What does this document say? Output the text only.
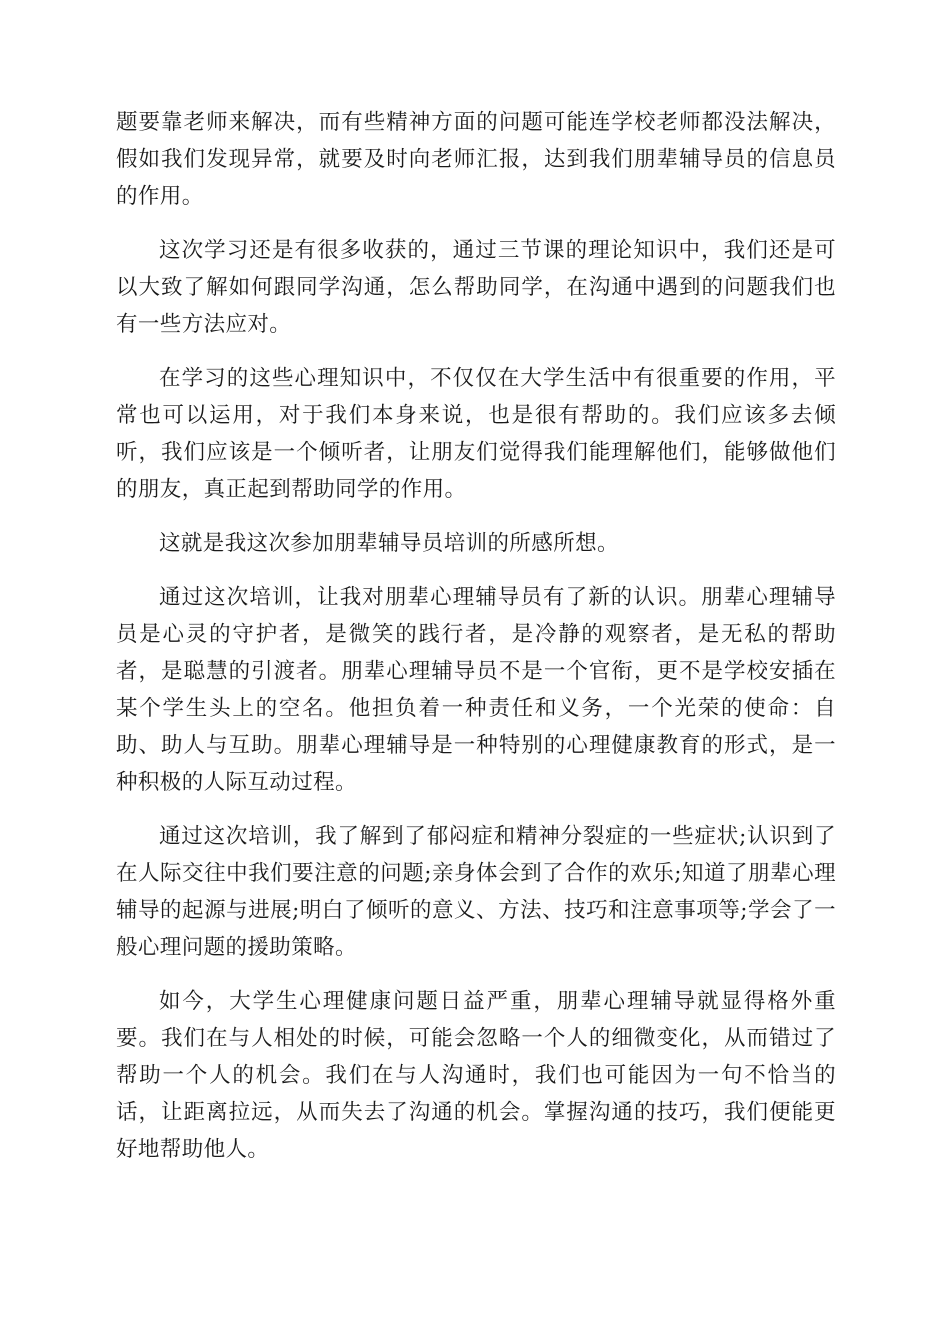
题要靠老师来解决，而有些精神方面的问题可能连学校老师都没法解决，假如我们发现异常，就要及时向老师汇报，达到我们朋辈辅导员的信息员的作用。

这次学习还是有很多收获的，通过三节课的理论知识中，我们还是可以大致了解如何跟同学沟通，怎么帮助同学，在沟通中遇到的问题我们也有一些方法应对。

在学习的这些心理知识中，不仅仅在大学生活中有很重要的作用，平常也可以运用，对于我们本身来说，也是很有帮助的。我们应该多去倾听，我们应该是一个倾听者，让朋友们觉得我们能理解他们，能够做他们的朋友，真正起到帮助同学的作用。

这就是我这次参加朋辈辅导员培训的所感所想。

通过这次培训，让我对朋辈心理辅导员有了新的认识。朋辈心理辅导员是心灵的守护者，是微笑的践行者，是冷静的观察者，是无私的帮助者，是聪慧的引渡者。朋辈心理辅导员不是一个官衔，更不是学校安插在某个学生头上的空名。他担负着一种责任和义务，一个光荣的使命：自助、助人与互助。朋辈心理辅导是一种特别的心理健康教育的形式，是一种积极的人际互动过程。

通过这次培训，我了解到了郁闷症和精神分裂症的一些症状;认识到了在人际交往中我们要注意的问题;亲身体会到了合作的欢乐;知道了朋辈心理辅导的起源与进展;明白了倾听的意义、方法、技巧和注意事项等;学会了一般心理问题的援助策略。

如今，大学生心理健康问题日益严重，朋辈心理辅导就显得格外重要。我们在与人相处的时候，可能会忽略一个人的细微变化，从而错过了帮助一个人的机会。我们在与人沟通时，我们也可能因为一句不恰当的话，让距离拉远，从而失去了沟通的机会。掌握沟通的技巧，我们便能更好地帮助他人。
